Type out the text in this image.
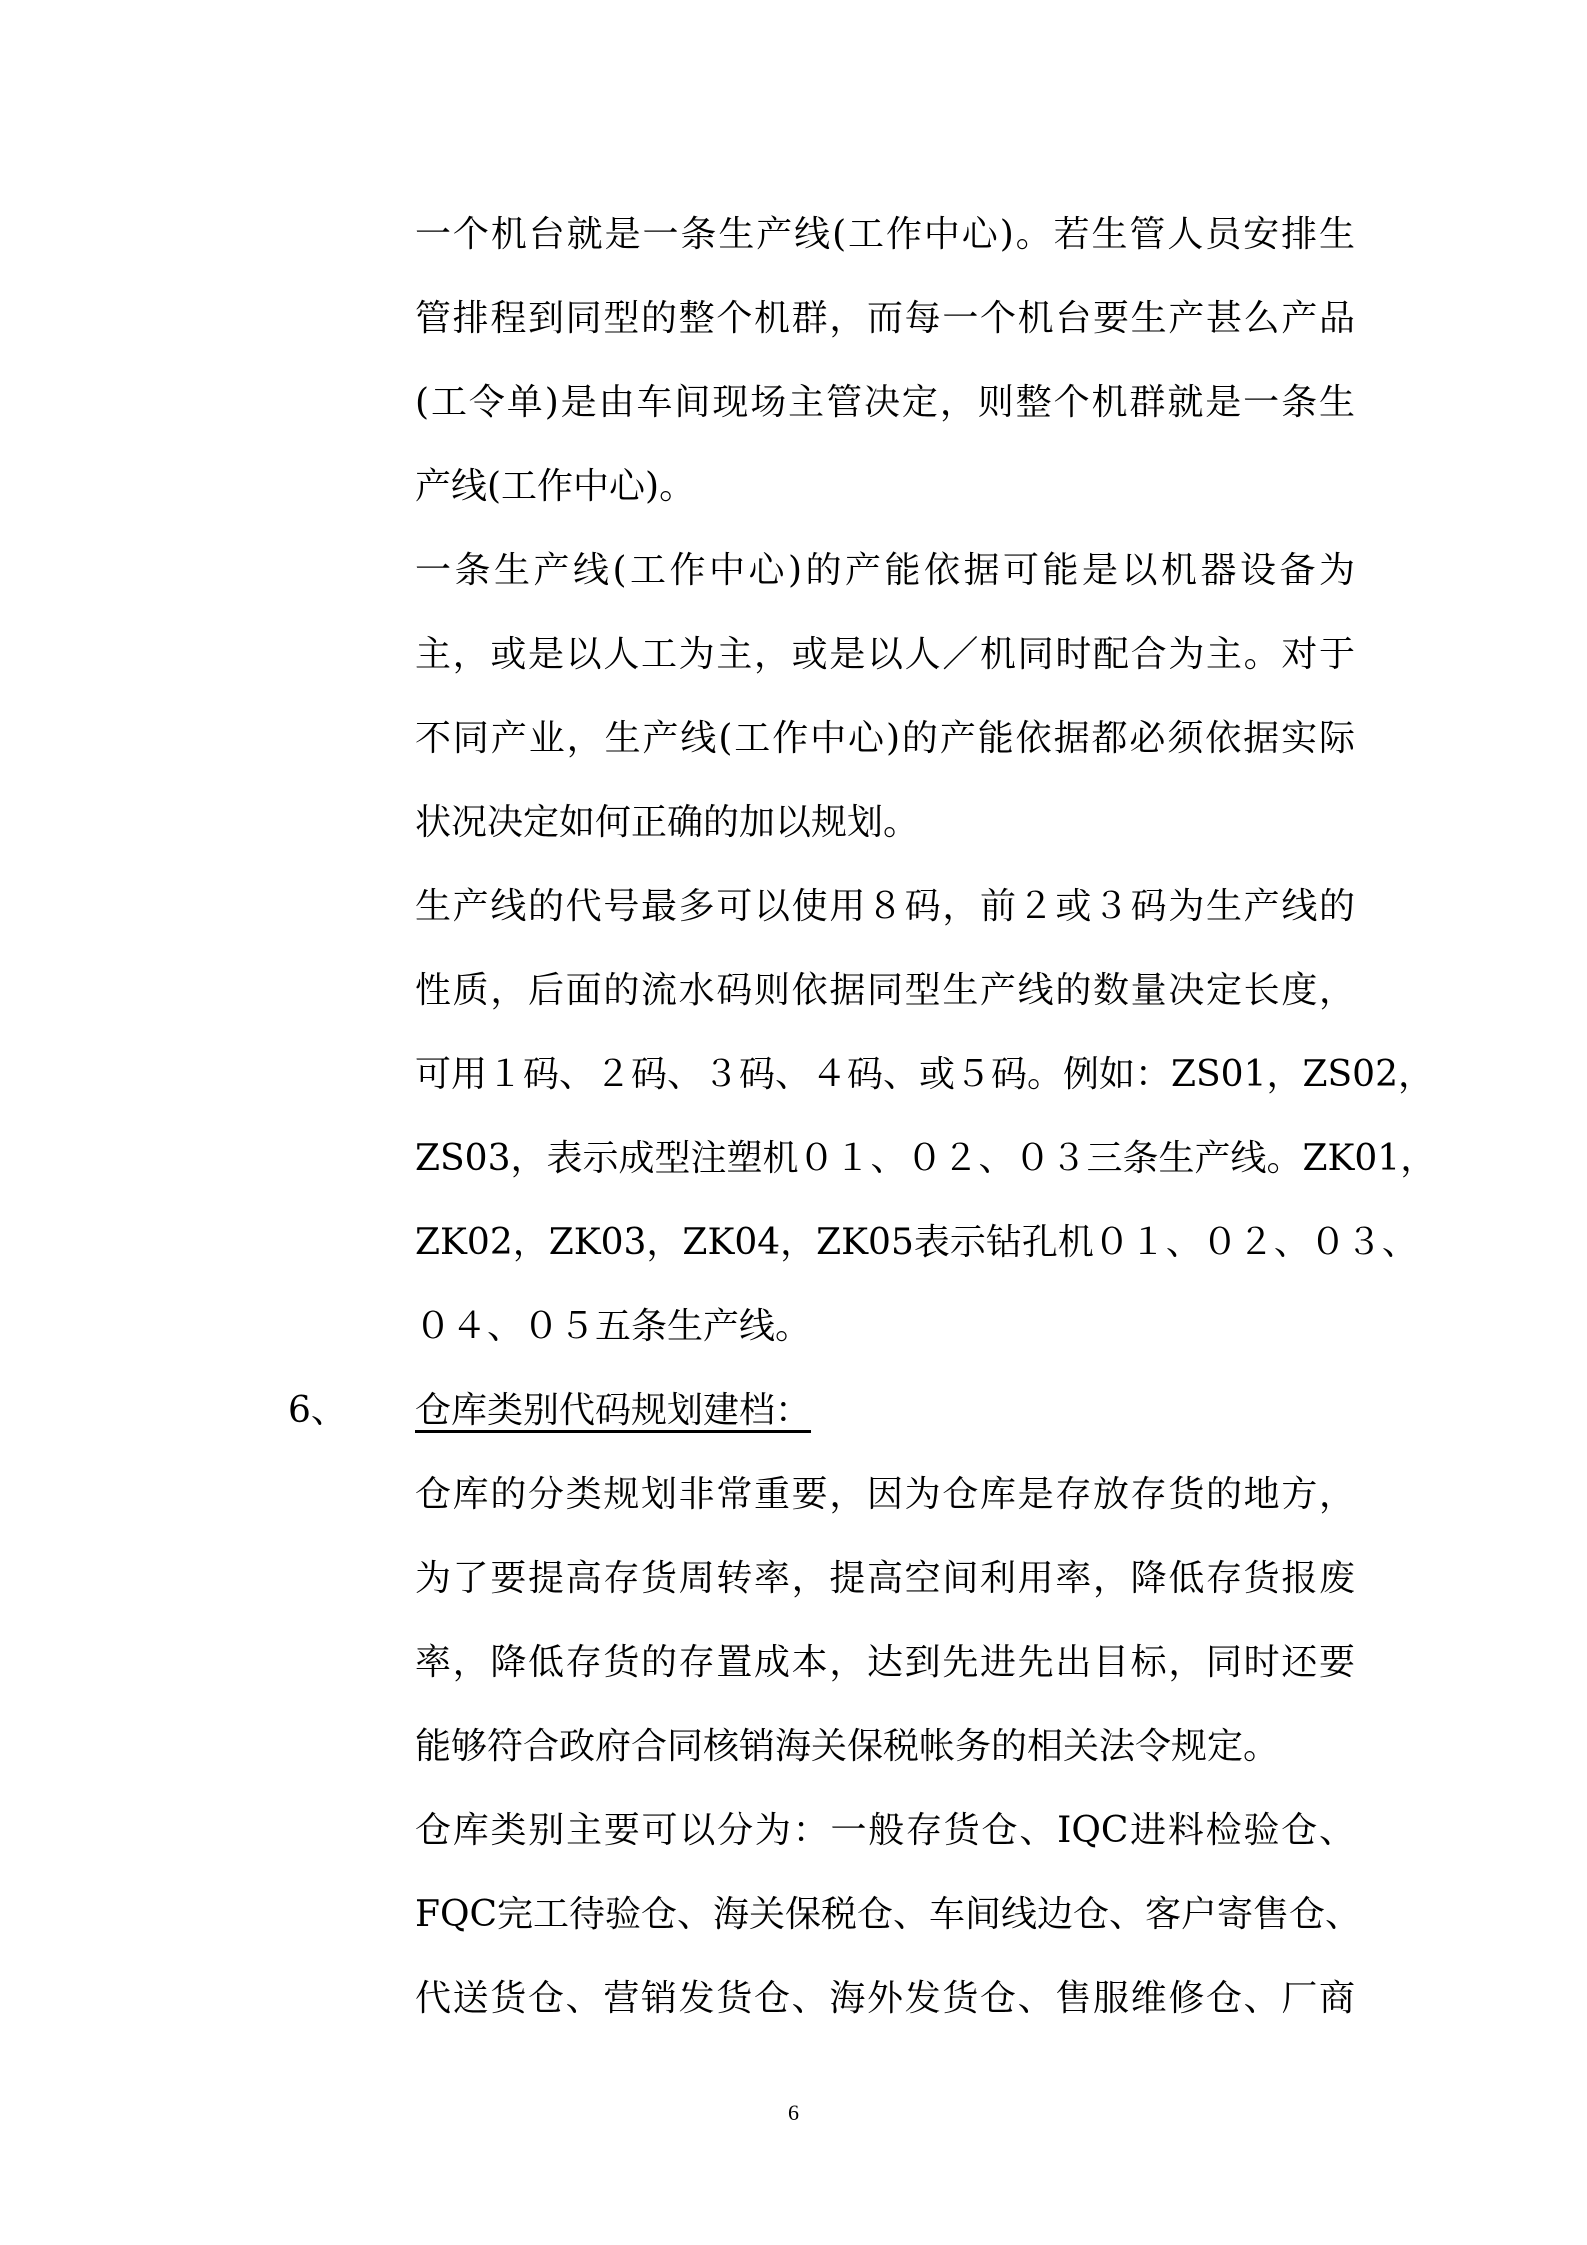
一个机台就是一条生产线(工作中心)。若生管人员安排生
管排程到同型的整个机群，而每一个机台要生产甚么产品
(工令单)是由车间现场主管决定，则整个机群就是一条生
产线(工作中心)。
一条生产线(工作中心)的产能依据可能是以机器设备为
主，或是以人工为主，或是以人／机同时配合为主。对于
不同产业，生产线(工作中心)的产能依据都必须依据实际
状况决定如何正确的加以规划。
生产线的代号最多可以使用８码，前２或３码为生产线的
性质，后面的流水码则依据同型生产线的数量决定长度，
可用１码、２码、３码、４码、或５码。例如：ZS01，ZS02，
ZS03，表示成型注塑机０１、０２、０３三条生产线。ZK01，
ZK02，ZK03，ZK04，ZK05表示钻孔机０１、０２、０３、
０４、０５五条生产线。
6、 仓库类别代码规划建档：
仓库的分类规划非常重要，因为仓库是存放存货的地方，
为了要提高存货周转率，提高空间利用率，降低存货报废
率，降低存货的存置成本，达到先进先出目标，同时还要
能够符合政府合同核销海关保税帐务的相关法令规定。
仓库类别主要可以分为：一般存货仓、IQC进料检验仓、
FQC完工待验仓、海关保税仓、车间线边仓、客户寄售仓、
代送货仓、营销发货仓、海外发货仓、售服维修仓、厂商
6
